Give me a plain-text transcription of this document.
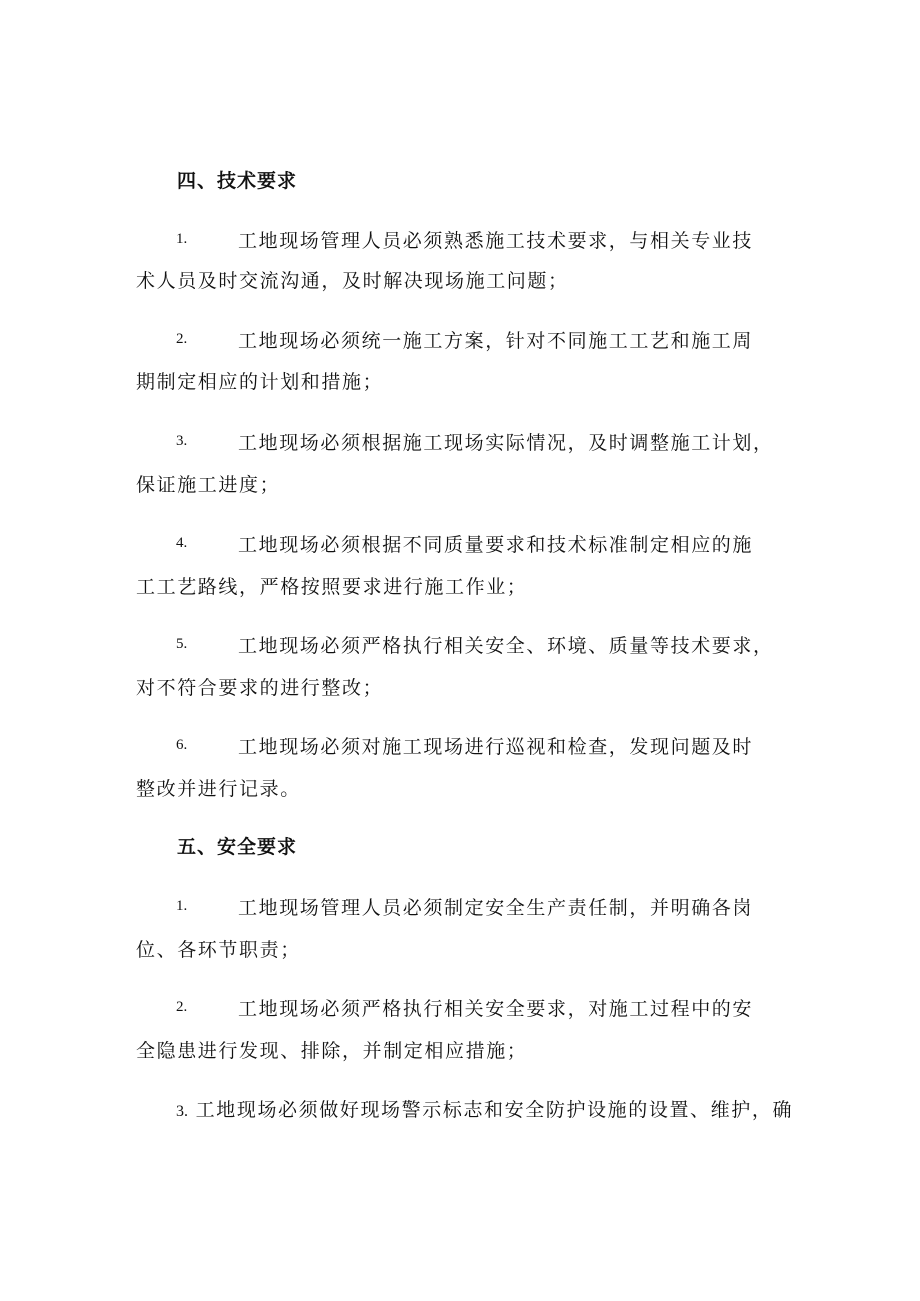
四、技术要求
1.	工地现场管理人员必须熟悉施工技术要求，与相关专业技
术人员及时交流沟通，及时解决现场施工问题；
2.	工地现场必须统一施工方案，针对不同施工工艺和施工周
期制定相应的计划和措施；
3.	工地现场必须根据施工现场实际情况，及时调整施工计划，
保证施工进度；
4.	工地现场必须根据不同质量要求和技术标准制定相应的施
工工艺路线，严格按照要求进行施工作业；
5.	工地现场必须严格执行相关安全、环境、质量等技术要求，
对不符合要求的进行整改；
6.	工地现场必须对施工现场进行巡视和检查，发现问题及时
整改并进行记录。
五、安全要求
1.	工地现场管理人员必须制定安全生产责任制，并明确各岗
位、各环节职责；
2.	工地现场必须严格执行相关安全要求，对施工过程中的安
全隐患进行发现、排除，并制定相应措施；
3. 工地现场必须做好现场警示标志和安全防护设施的设置、维护，确
